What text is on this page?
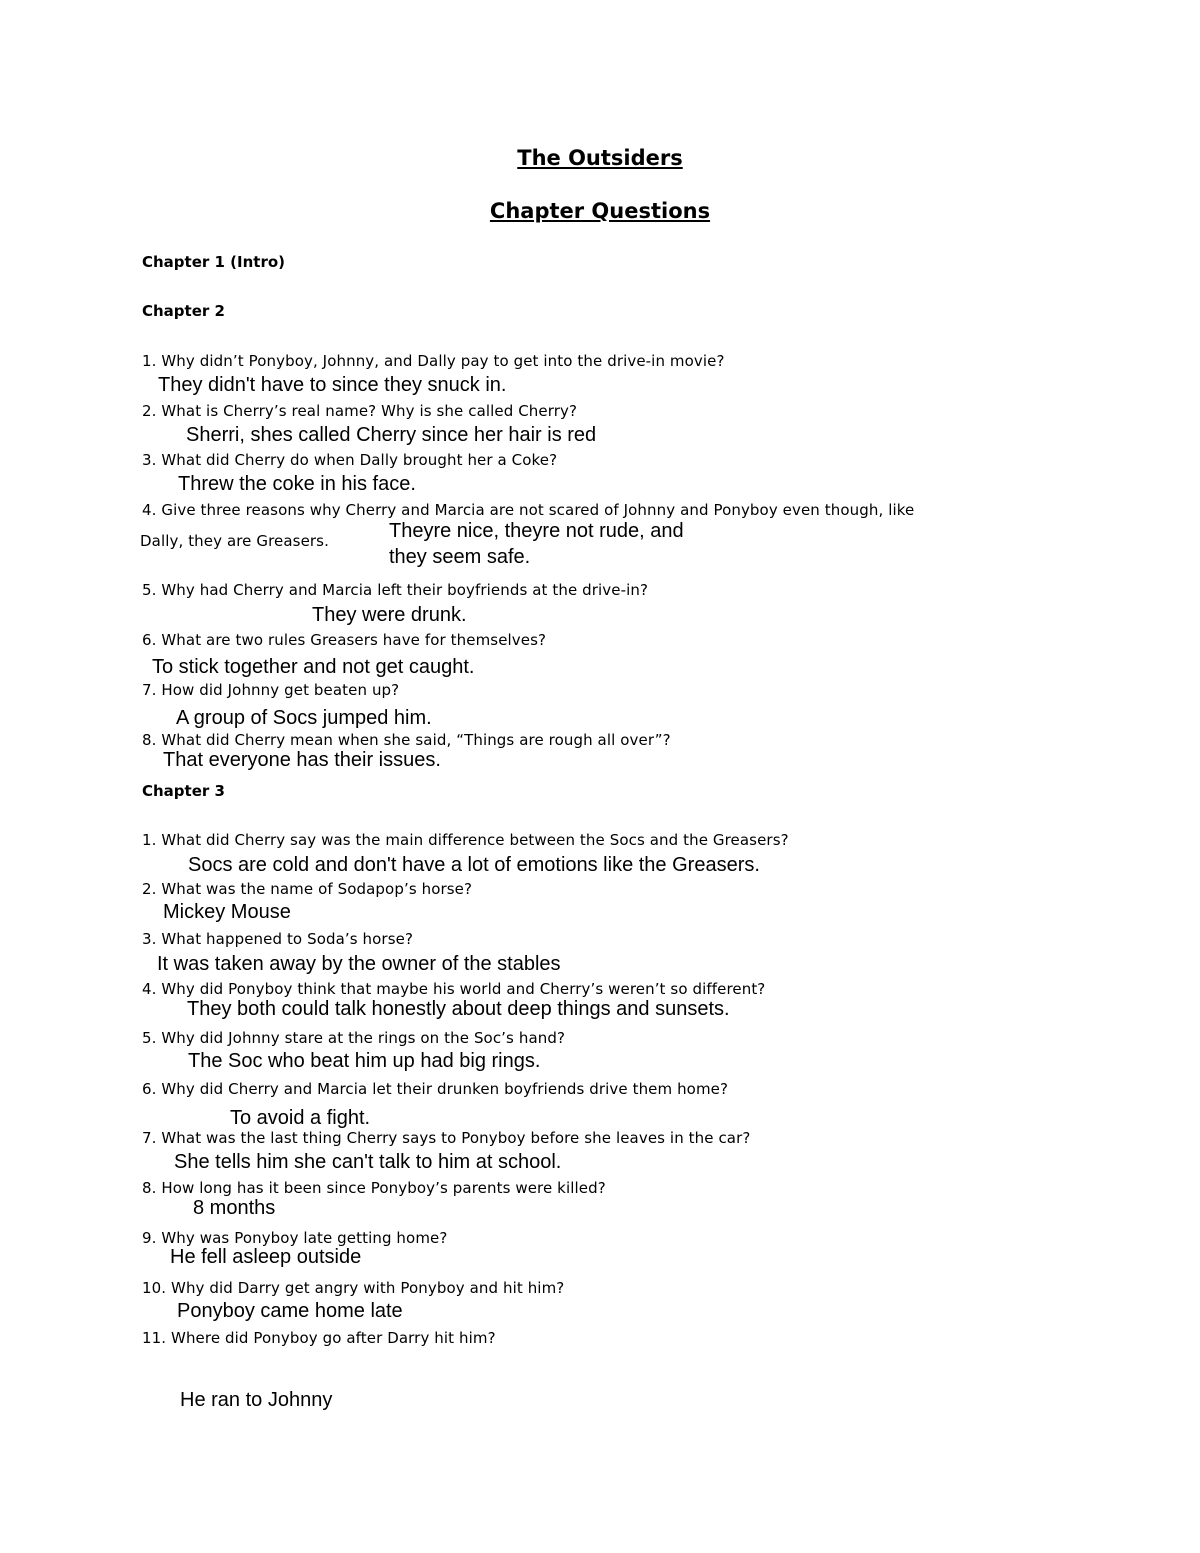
The Outsiders
Chapter Questions
Chapter 1 (Intro)
Chapter 2
1. Why didn’t Ponyboy, Johnny, and Dally pay to get into the drive-in movie?
They didn't have to since they snuck in.
2. What is Cherry’s real name? Why is she called Cherry?
Sherri, shes called Cherry since her hair is red
3. What did Cherry do when Dally brought her a Coke?
Threw the coke in his face.
4. Give three reasons why Cherry and Marcia are not scared of Johnny and Ponyboy even though, like
Dally, they are Greasers.	Theyre nice, theyre not rude, and
they seem safe.
5. Why had Cherry and Marcia left their boyfriends at the drive-in?
They were drunk.
6. What are two rules Greasers have for themselves?
To stick together and not get caught.
7. How did Johnny get beaten up?
A group of Socs jumped him.
8. What did Cherry mean when she said, “Things are rough all over”?
That everyone has their issues.
Chapter 3
1. What did Cherry say was the main difference between the Socs and the Greasers?
Socs are cold and don't have a lot of emotions like the Greasers.
2. What was the name of Sodapop’s horse?
Mickey Mouse
3. What happened to Soda’s horse?
It was taken away by the owner of the stables
4. Why did Ponyboy think that maybe his world and Cherry’s weren’t so different?
They both could talk honestly about deep things and sunsets.
5. Why did Johnny stare at the rings on the Soc’s hand?
The Soc who beat him up had big rings.
6. Why did Cherry and Marcia let their drunken boyfriends drive them home?
To avoid a fight.
7. What was the last thing Cherry says to Ponyboy before she leaves in the car?
She tells him she can't talk to him at school.
8. How long has it been since Ponyboy’s parents were killed?
8 months
9. Why was Ponyboy late getting home?
He fell asleep outside
10. Why did Darry get angry with Ponyboy and hit him?
Ponyboy came home late
11. Where did Ponyboy go after Darry hit him?
He ran to Johnny
